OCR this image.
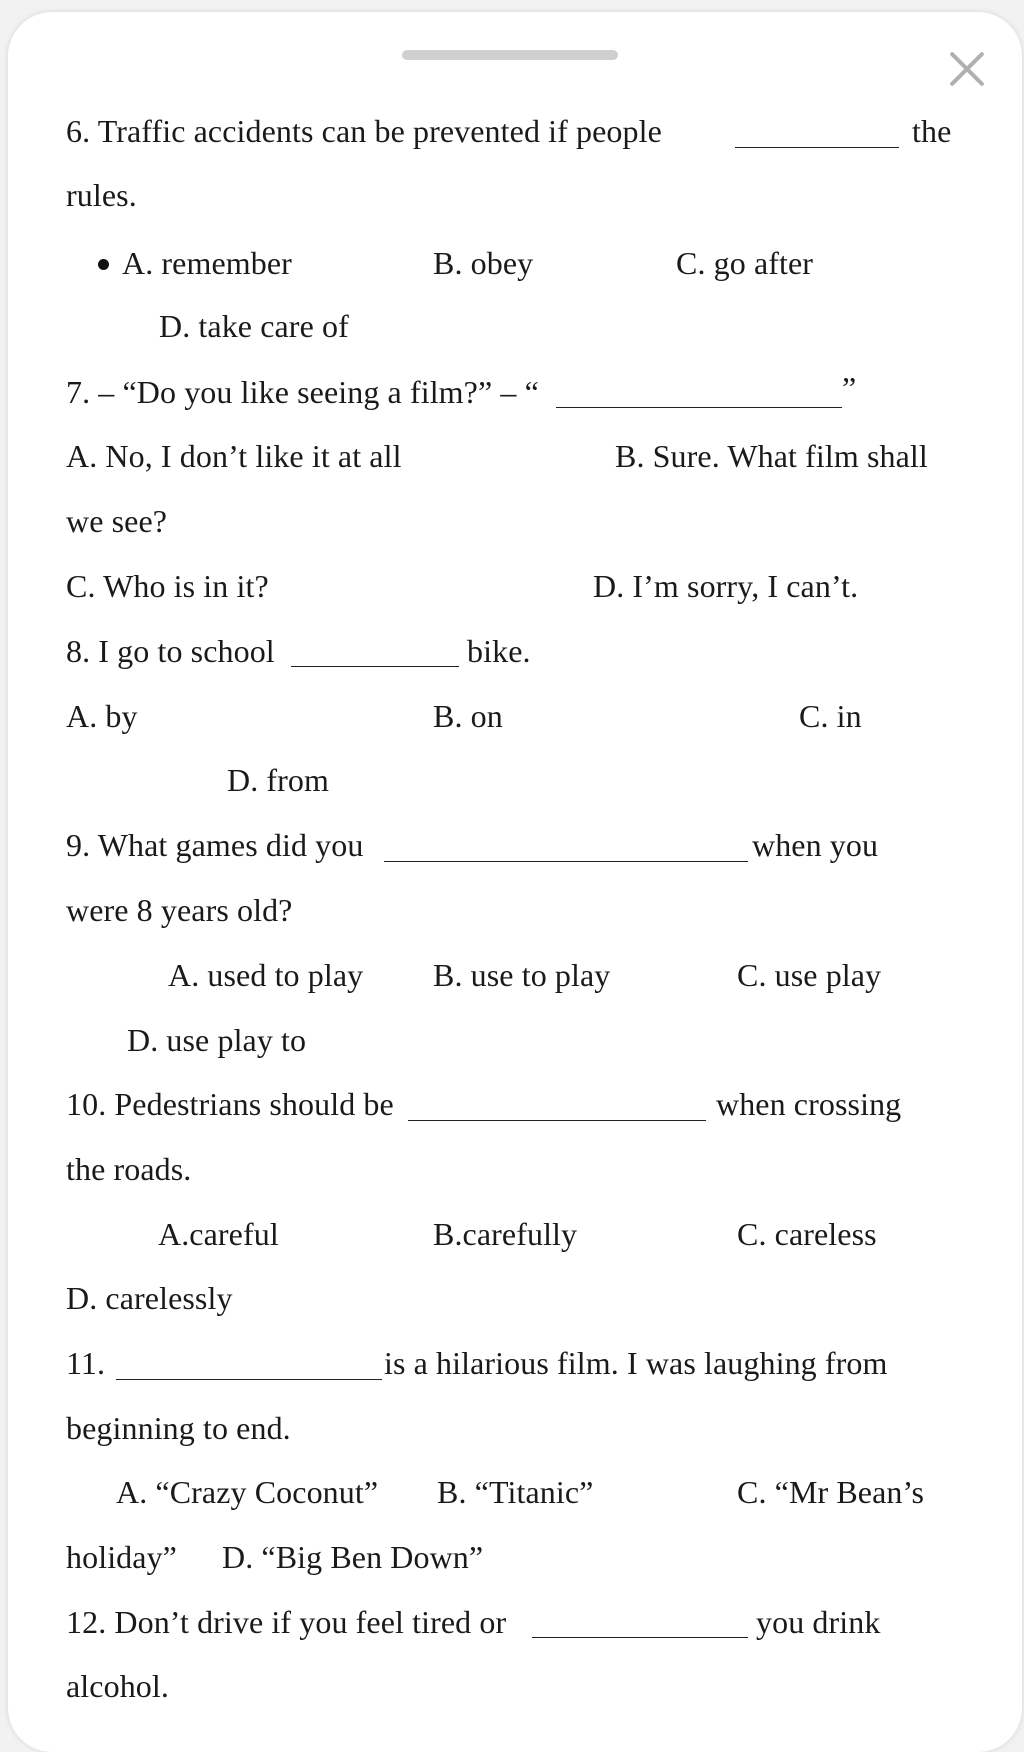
6. Traffic accidents can be prevented if people	the
rules.
A. remember	B. obey	C. go after
D. take care of
7. – “Do you like seeing a film?” – “	”
A. No, I don’t like it at all	B. Sure. What film shall
we see?
C. Who is in it?	D. I’m sorry, I can’t.
8. I go to school	bike.
A. by	B. on	C. in
D. from
9. What games did you	when you
were 8 years old?
A. used to play B. use to play	C. use play
D. use play to
10. Pedestrians should be	when crossing
the roads.
A.careful	B.carefully	C. careless
D. carelessly
11.	is a hilarious film. I was laughing from
beginning to end.
A. “Crazy Coconut” B. “Titanic”	C. “Mr Bean’s
holiday” D. “Big Ben Down”
12. Don’t drive if you feel tired or	you drink
alcohol.
